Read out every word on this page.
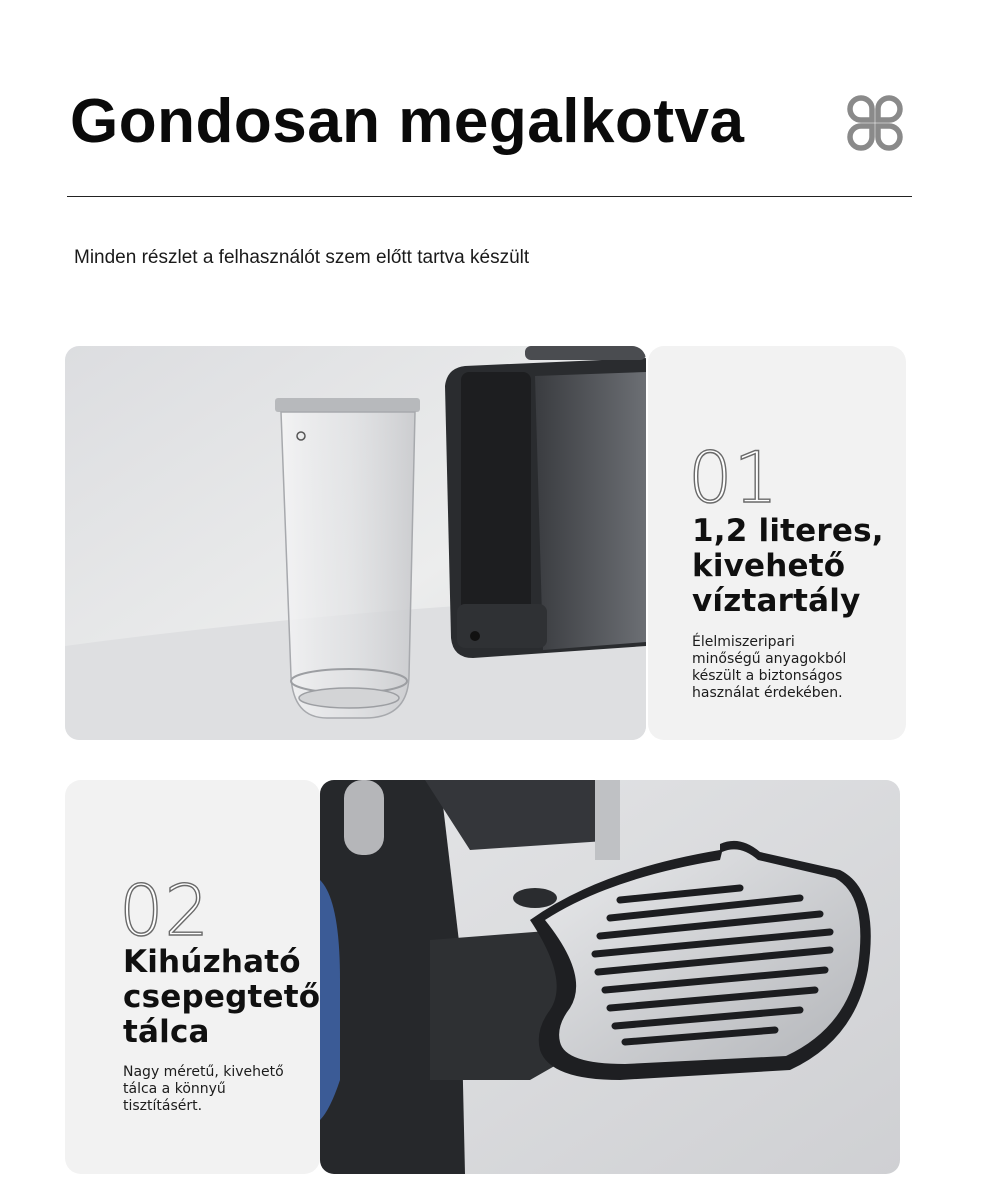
Gondosan megalkotva
Minden részlet a felhasználót szem előtt tartva készült
01
1,2 literes,
kivehető
víztartály
Élelmiszeripari
minőségű anyagokból
készült a biztonságos
használat érdekében.
02
Kihúzható
csepegtető
tálca
Nagy méretű, kivehető
tálca a könnyű
tisztításért.
